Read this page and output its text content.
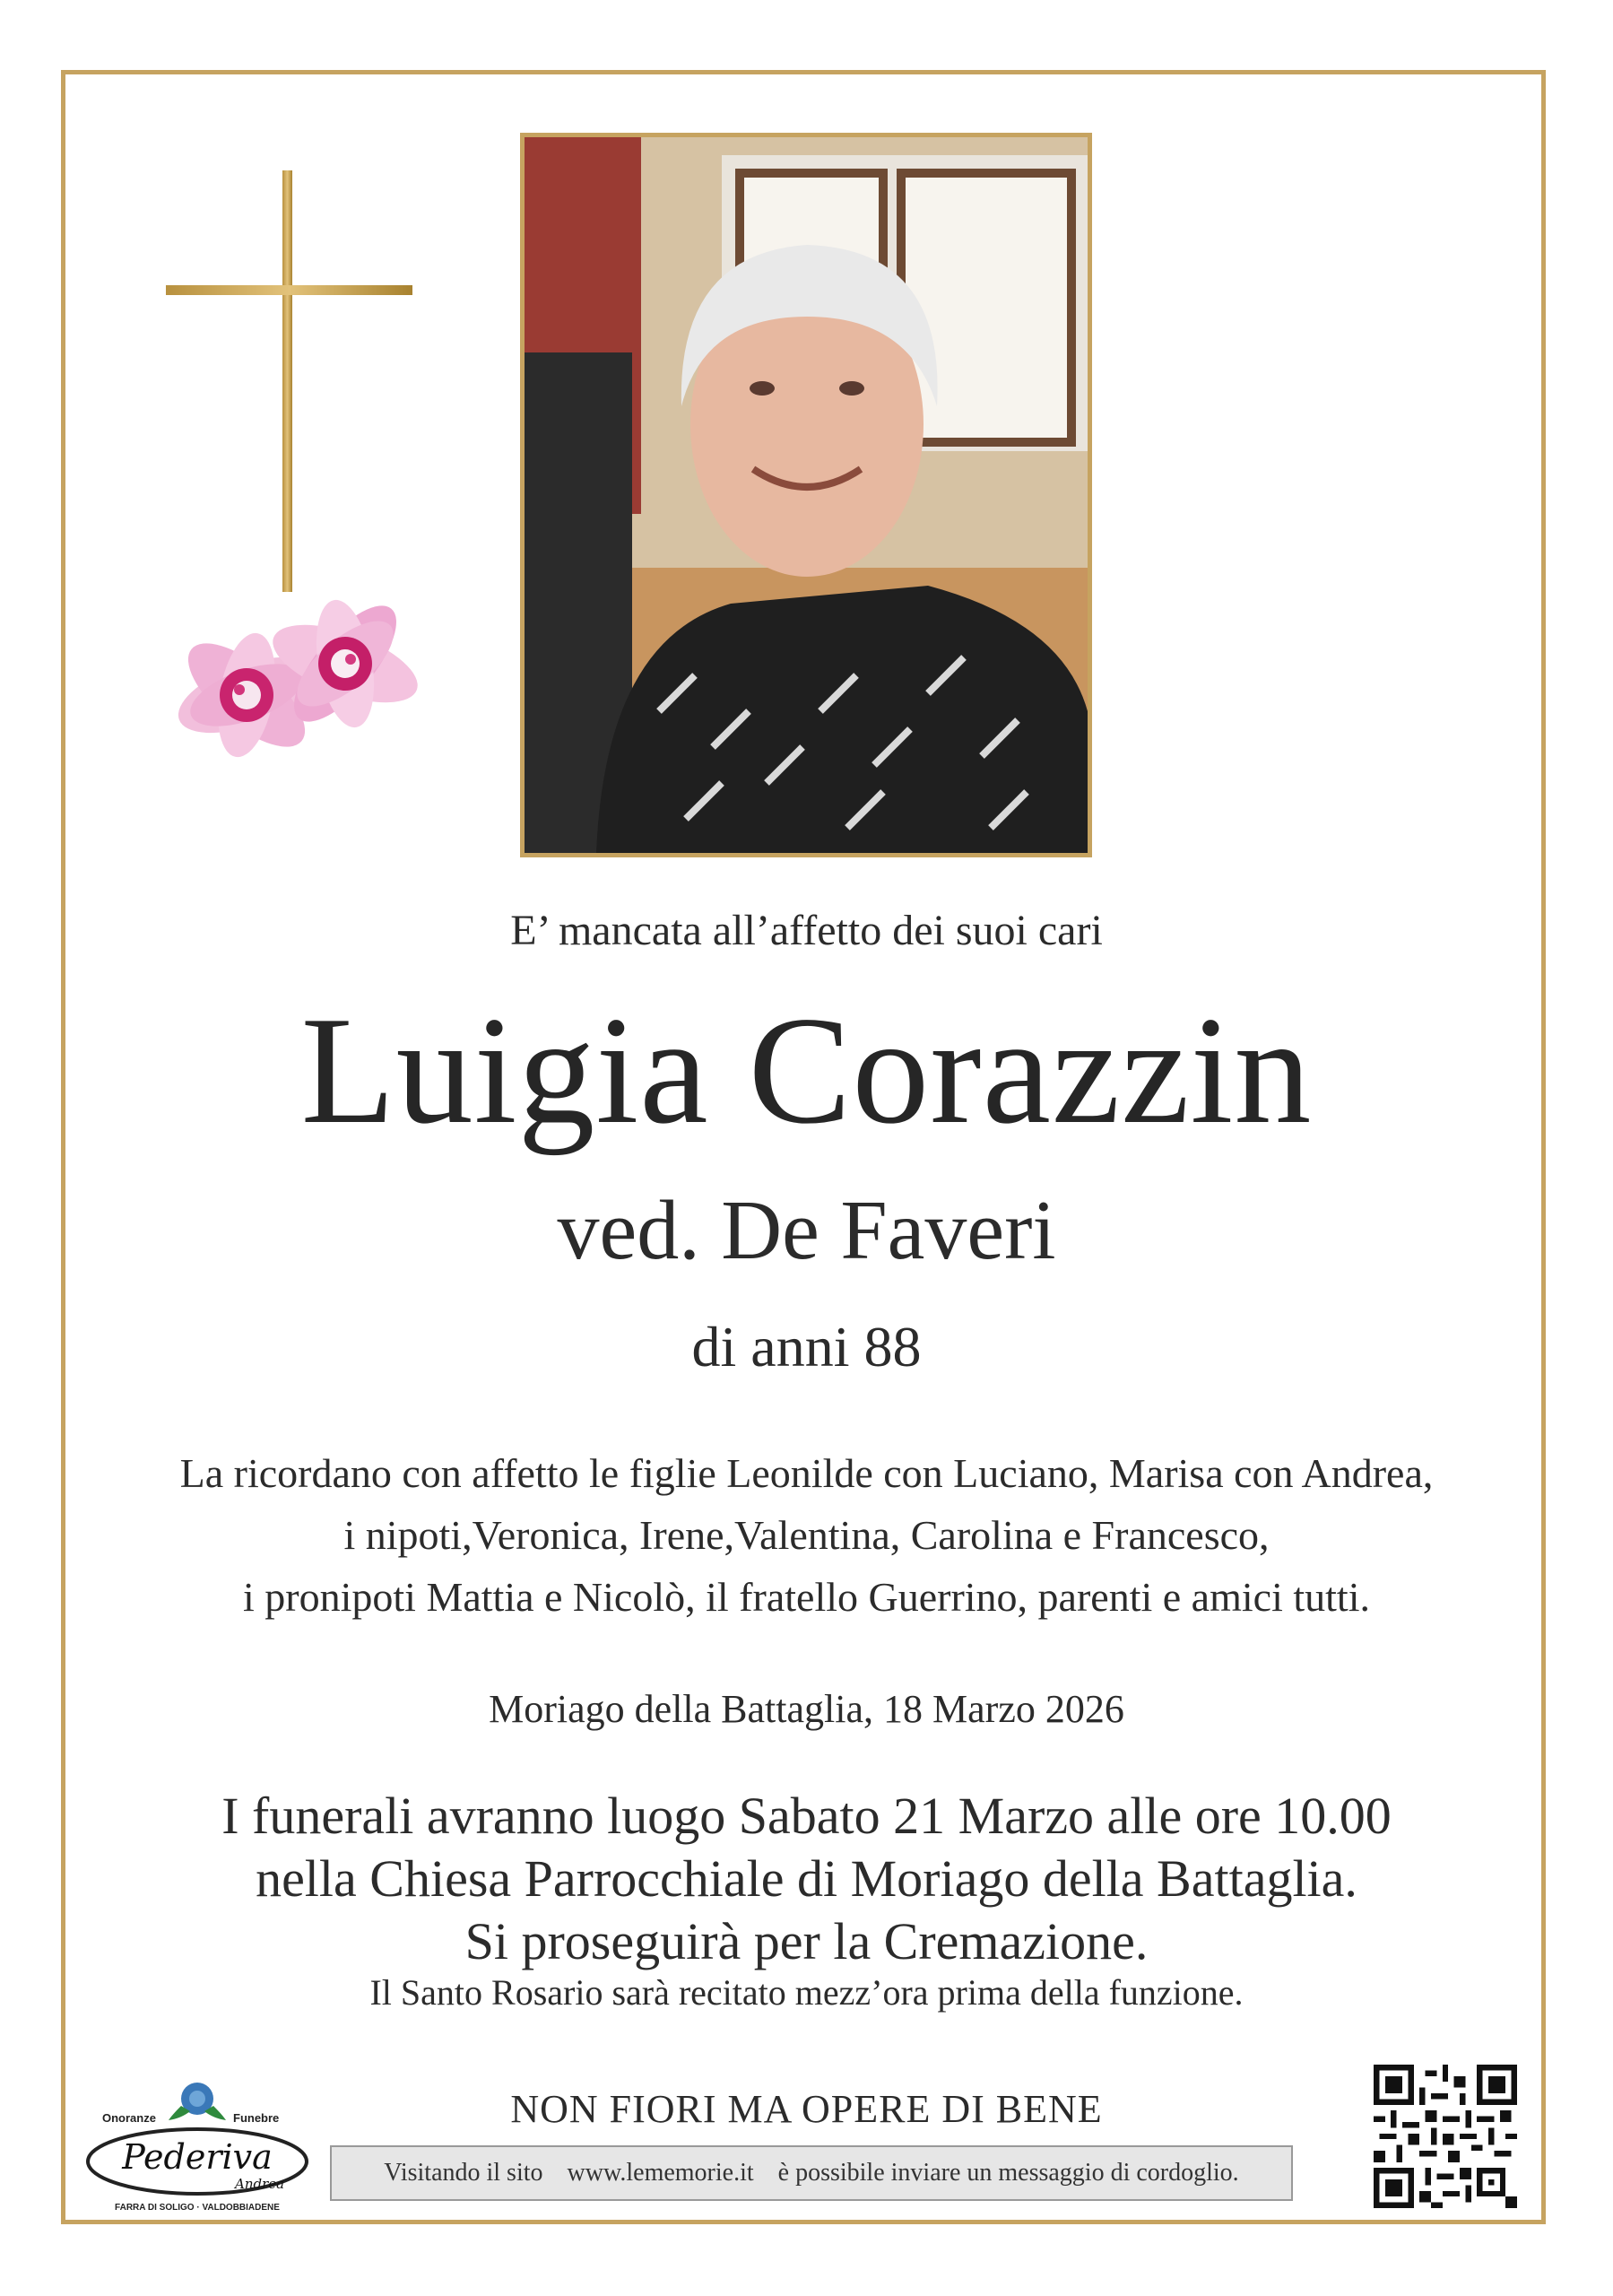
E’ mancata all’affetto dei suoi cari
Luigia Corazzin
ved. De Faveri
di anni 88
La ricordano con affetto le figlie Leonilde con Luciano, Marisa con Andrea,
i nipoti,Veronica, Irene,Valentina, Carolina e Francesco,
i pronipoti Mattia e Nicolò, il fratello Guerrino, parenti e amici tutti.
Moriago della Battaglia, 18 Marzo 2026
I funerali avranno luogo Sabato 21 Marzo alle ore 10.00
nella Chiesa Parrocchiale di Moriago della Battaglia.
Si proseguirà per la Cremazione.
Il Santo Rosario sarà recitato mezz’ora prima della funzione.
NON FIORI MA OPERE DI BENE
Visitando il sito www.lememorie.it è possibile inviare un messaggio di cordoglio.
Onoranze	Funebre
Pederiva
Andrea
FARRA DI SOLIGO · VALDOBBIADENE
